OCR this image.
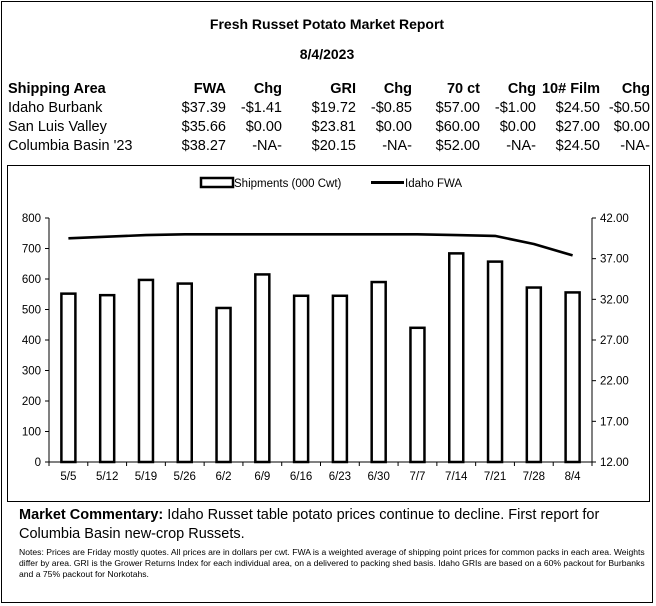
Fresh Russet Potato Market Report
8/4/2023
Shipping Area	FWA	Chg	GRI	Chg	70 ct	Chg	10# Film	Chg
Idaho Burbank	$37.39	-$1.41	$19.72	-$0.85	$57.00	-$1.00	$24.50	-$0.50
San Luis Valley	$35.66	$0.00	$23.81	$0.00	$60.00	$0.00	$27.00	$0.00
Columbia Basin '23	$38.27	-NA-	$20.15	-NA-	$52.00	-NA-	$24.50	-NA-
Shipments (000 Cwt)	Idaho FWA
0
100
200
300
400
500
600
700
800
12.00
17.00
22.00
27.00
32.00
37.00
42.00
5/5 5/12 5/19 5/26 6/2 6/9 6/16 6/23 6/30 7/7 7/14 7/21 7/28 8/4
Market Commentary: Idaho Russet table potato prices continue to decline. First report for Columbia Basin new-crop Russets.
Notes: Prices are Friday mostly quotes. All prices are in dollars per cwt. FWA is a weighted average of shipping point prices for common packs in each area. Weights differ by area. GRI is the Grower Returns Index for each individual area, on a delivered to packing shed basis. Idaho GRIs are based on a 60% packout for Burbanks and a 75% packout for Norkotahs.
